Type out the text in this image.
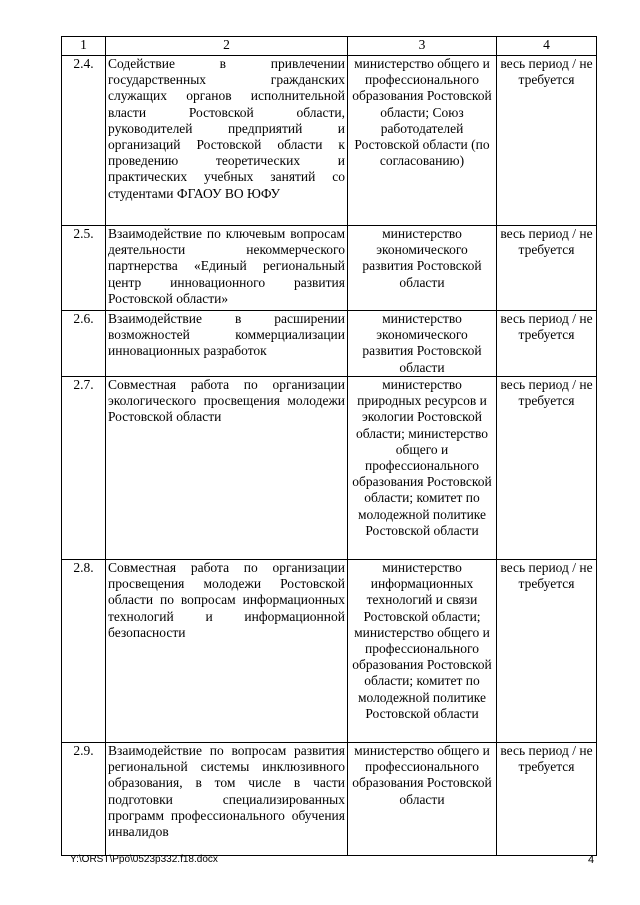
1	2	3	4
2.4.	Содействие в привлечении государственных гражданских служащих органов исполнительной власти Ростовской области, руководителей предприятий и организаций Ростовской области к проведению теоретических и практических учебных занятий со студентами ФГАОУ ВО ЮФУ	министерство общего и профессионального образования Ростовской области; Союз работодателей Ростовской области (по согласованию)	весь период / не требуется
2.5.	Взаимодействие по ключевым вопросам деятельности некоммерческого партнерства «Единый региональный центр инновационного развития Ростовской области»	министерство экономического развития Ростовской области	весь период / не требуется
2.6.	Взаимодействие в расширении возможностей коммерциализации инновационных разработок	министерство экономического развития Ростовской области	весь период / не требуется
2.7.	Совместная работа по организации экологического просвещения молодежи Ростовской области	министерство природных ресурсов и экологии Ростовской области; министерство общего и профессионального образования Ростовской области; комитет по молодежной политике Ростовской области	весь период / не требуется
2.8.	Совместная работа по организации просвещения молодежи Ростовской области по вопросам информационных технологий и информационной безопасности	министерство информационных технологий и связи Ростовской области; министерство общего и профессионального образования Ростовской области; комитет по молодежной политике Ростовской области	весь период / не требуется
2.9.	Взаимодействие по вопросам развития региональной системы инклюзивного образования, в том числе в части подготовки специализированных программ профессионального обучения инвалидов	министерство общего и профессионального образования Ростовской области	весь период / не требуется
Y:\ORST\Ppo\0523p332.f18.docx	4
